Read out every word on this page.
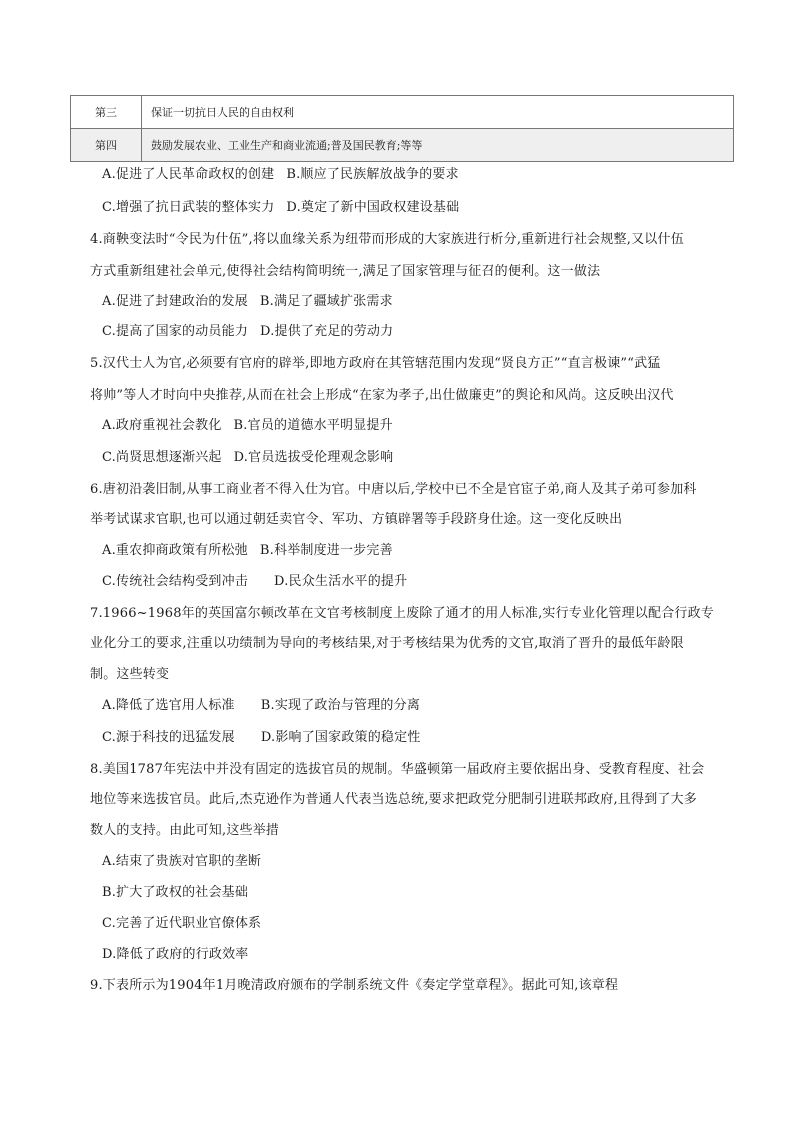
第三	保证一切抗日人民的自由权利
第四	鼓励发展农业、工业生产和商业流通;普及国民教育;等等
A.促进了人民革命政权的创建 B.顺应了民族解放战争的要求
C.增强了抗日武装的整体实力 D.奠定了新中国政权建设基础
4.商鞅变法时“令民为什伍”,将以血缘关系为纽带而形成的大家族进行析分,重新进行社会规整,又以什伍
方式重新组建社会单元,使得社会结构简明统一,满足了国家管理与征召的便利。这一做法
A.促进了封建政治的发展 B.满足了疆域扩张需求
C.提高了国家的动员能力 D.提供了充足的劳动力
5.汉代士人为官,必须要有官府的辟举,即地方政府在其管辖范围内发现“贤良方正”“直言极谏”“武猛
将帅”等人才时向中央推荐,从而在社会上形成“在家为孝子,出仕做廉吏”的舆论和风尚。这反映出汉代
A.政府重视社会教化 B.官员的道德水平明显提升
C.尚贤思想逐渐兴起 D.官员选拔受伦理观念影响
6.唐初沿袭旧制,从事工商业者不得入仕为官。中唐以后,学校中已不全是官宦子弟,商人及其子弟可参加科
举考试谋求官职,也可以通过朝廷卖官令、军功、方镇辟署等手段跻身仕途。这一变化反映出
A.重农抑商政策有所松弛 B.科举制度进一步完善
C.传统社会结构受到冲击 D.民众生活水平的提升
7.1966~1968年的英国富尔顿改革在文官考核制度上废除了通才的用人标准,实行专业化管理以配合行政专
业化分工的要求,注重以功绩制为导向的考核结果,对于考核结果为优秀的文官,取消了晋升的最低年龄限
制。这些转变
A.降低了选官用人标准 B.实现了政治与管理的分离
C.源于科技的迅猛发展 D.影响了国家政策的稳定性
8.美国1787年宪法中并没有固定的选拔官员的规制。华盛顿第一届政府主要依据出身、受教育程度、社会
地位等来选拔官员。此后,杰克逊作为普通人代表当选总统,要求把政党分肥制引进联邦政府,且得到了大多
数人的支持。由此可知,这些举措
A.结束了贵族对官职的垄断
B.扩大了政权的社会基础
C.完善了近代职业官僚体系
D.降低了政府的行政效率
9.下表所示为1904年1月晚清政府颁布的学制系统文件《奏定学堂章程》。据此可知,该章程
